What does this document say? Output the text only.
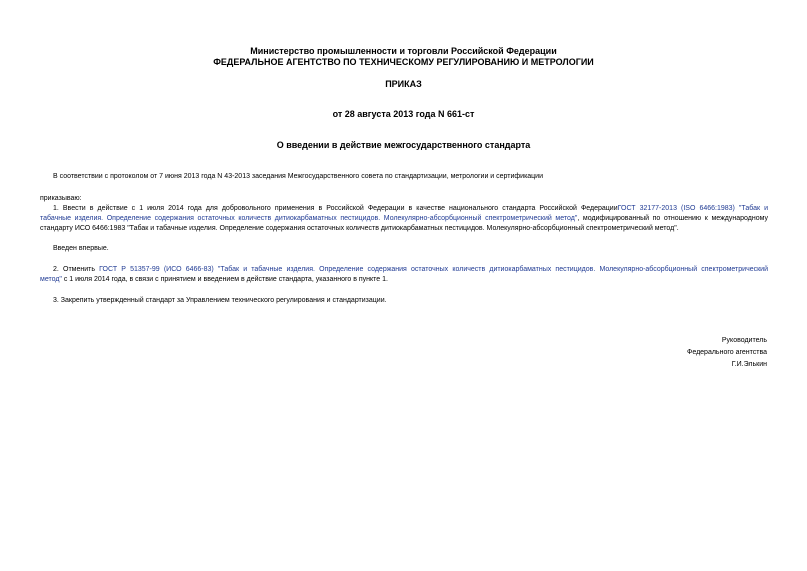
Министерство промышленности и торговли Российской Федерации
ФЕДЕРАЛЬНОЕ АГЕНТСТВО ПО ТЕХНИЧЕСКОМУ РЕГУЛИРОВАНИЮ И МЕТРОЛОГИИ
ПРИКАЗ
от 28 августа 2013 года N 661-ст
О введении в действие межгосударственного стандарта
В соответствии с протоколом от 7 июня 2013 года N 43-2013 заседания Межгосударственного совета по стандартизации, метрологии и сертификации
приказываю:
1. Ввести в действие с 1 июля 2014 года для добровольного применения в Российской Федерации в качестве национального стандарта Российской ФедерацииГОСТ 32177-2013 (ISO 6466:1983) "Табак и
табачные изделия. Определение содержания остаточных количеств дитиокарбаматных пестицидов. Молекулярно-абсорбционный спектрометрический метод", модифицированный по отношению к международному
стандарту ИСО 6466:1983 "Табак и табачные изделия. Определение содержания остаточных количеств дитиокарбаматных пестицидов. Молекулярно-абсорбционный спектрометрический метод".
Введен впервые.
2. Отменить ГОСТ Р 51357-99 (ИСО 6466-83) "Табак и табачные изделия. Определение содержания остаточных количеств дитиокарбаматных пестицидов. Молекулярно-абсорбционный спектрометрический
метод" с 1 июля 2014 года, в связи с принятием и введением в действие стандарта, указанного в пункте 1.
3. Закрепить утвержденный стандарт за Управлением технического регулирования и стандартизации.
Руководитель
Федерального агентства
Г.И.Элькин
